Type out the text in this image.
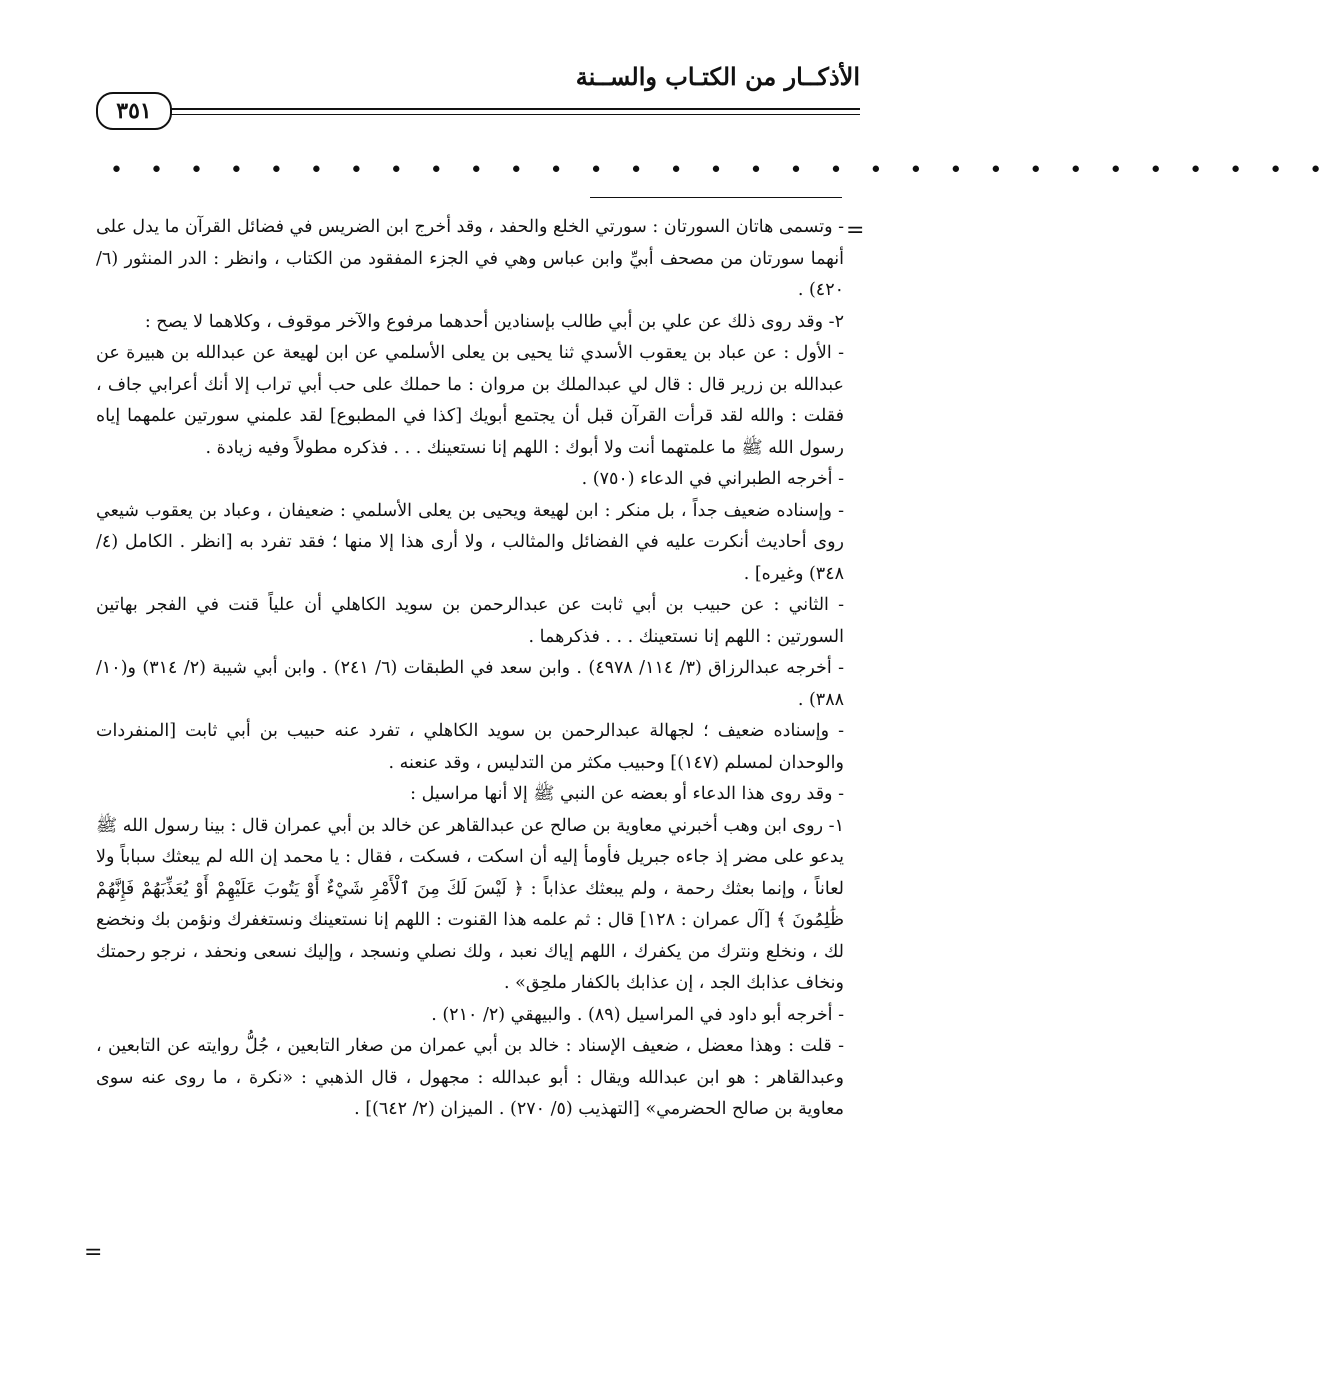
الأذكــار من الكتـاب والســنة
٣٥١
• • • • • • • • • • • • • • • • • • • • • • • • • • • • • • •
=

- وتسمى هاتان السورتان : سورتي الخلع والحفد ، وقد أخرج ابن الضريس في فضائل القرآن ما يدل على أنهما سورتان من مصحف أبيِّ وابن عباس وهي في الجزء المفقود من الكتاب ، وانظر : الدر المنثور (٦/ ٤٢٠) .

٢- وقد روى ذلك عن علي بن أبي طالب بإسنادين أحدهما مرفوع والآخر موقوف ، وكلاهما لا يصح :

- الأول : عن عباد بن يعقوب الأسدي ثنا يحيى بن يعلى الأسلمي عن ابن لهيعة عن عبدالله بن هبيرة عن عبدالله بن زرير قال : قال لي عبدالملك بن مروان : ما حملك على حب أبي تراب إلا أنك أعرابي جاف ، فقلت : والله لقد قرأت القرآن قبل أن يجتمع أبويك [كذا في المطبوع] لقد علمني سورتين علمهما إياه رسول الله ﷺ ما علمتهما أنت ولا أبوك : اللهم إنا نستعينك . . . فذكره مطولاً وفيه زيادة .

- أخرجه الطبراني في الدعاء (٧٥٠) .

- وإسناده ضعيف جداً ، بل منكر : ابن لهيعة ويحيى بن يعلى الأسلمي : ضعيفان ، وعباد بن يعقوب شيعي روى أحاديث أنكرت عليه في الفضائل والمثالب ، ولا أرى هذا إلا منها ؛ فقد تفرد به [انظر . الكامل (٤/ ٣٤٨) وغيره] .

- الثاني : عن حبيب بن أبي ثابت عن عبدالرحمن بن سويد الكاهلي أن علياً قنت في الفجر بهاتين السورتين : اللهم إنا نستعينك . . . فذكرهما .

- أخرجه عبدالرزاق (٣/ ١١٤/ ٤٩٧٨) . وابن سعد في الطبقات (٦/ ٢٤١) . وابن أبي شيبة (٢/ ٣١٤) و(١٠/ ٣٨٨) .

- وإسناده ضعيف ؛ لجهالة عبدالرحمن بن سويد الكاهلي ، تفرد عنه حبيب بن أبي ثابت [المنفردات والوحدان لمسلم (١٤٧)] وحبيب مكثر من التدليس ، وقد عنعنه .

- وقد روى هذا الدعاء أو بعضه عن النبي ﷺ إلا أنها مراسيل :

١- روى ابن وهب أخبرني معاوية بن صالح عن عبدالقاهر عن خالد بن أبي عمران قال : بينا رسول الله ﷺ يدعو على مضر إذ جاءه جبريل فأومأ إليه أن اسكت ، فسكت ، فقال : يا محمد إن الله لم يبعثك سباباً ولا لعاناً ، وإنما بعثك رحمة ، ولم يبعثك عذاباً : ﴿ لَيْسَ لَكَ مِنَ ٱلْأَمْرِ شَيْءٌ أَوْ يَتُوبَ عَلَيْهِمْ أَوْ يُعَذِّبَهُمْ فَإِنَّهُمْ ظَٰلِمُونَ ﴾ [آل عمران : ١٢٨] قال : ثم علمه هذا القنوت : اللهم إنا نستعينك ونستغفرك ونؤمن بك ونخضع لك ، ونخلع ونترك من يكفرك ، اللهم إياك نعبد ، ولك نصلي ونسجد ، وإليك نسعى ونحفد ، نرجو رحمتك ونخاف عذابك الجد ، إن عذابك بالكفار ملحِق» .

- أخرجه أبو داود في المراسيل (٨٩) . والبيهقي (٢/ ٢١٠) .

- قلت : وهذا معضل ، ضعيف الإسناد : خالد بن أبي عمران من صغار التابعين ، جُلُّ روايته عن التابعين ، وعبدالقاهر : هو ابن عبدالله ويقال : أبو عبدالله : مجهول ، قال الذهبي : «نكرة ، ما روى عنه سوى معاوية بن صالح الحضرمي» [التهذيب (٥/ ٢٧٠) . الميزان (٢/ ٦٤٢)] .

=
